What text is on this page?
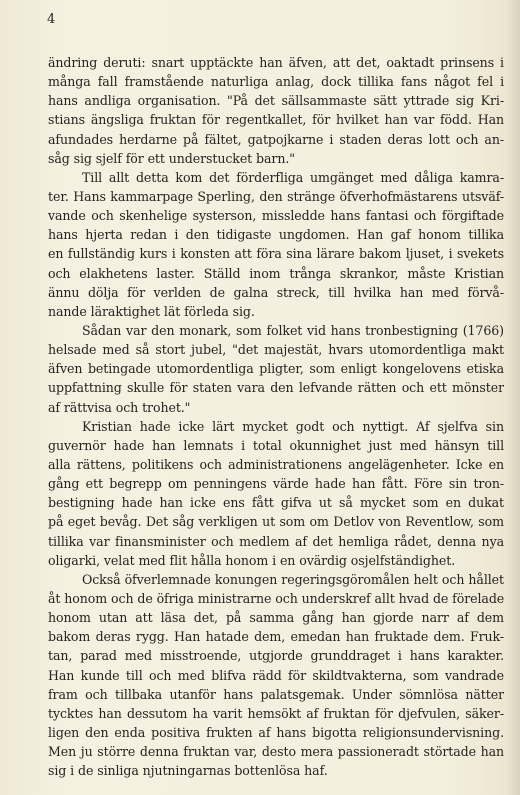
4
ändring deruti: snart upptäckte han äfven, att det, oaktadt prinsens i
många fall framstående naturliga anlag, dock tillika fans något fel i
hans andliga organisation. "På det sällsammaste sätt yttrade sig Kri-
stians ängsliga fruktan för regentkallet, för hvilket han var född. Han
afundades herdarne på fältet, gatpojkarne i staden deras lott och an-
såg sig sjelf för ett understucket barn."
Till allt detta kom det förderfliga umgänget med dåliga kamra-
ter. Hans kammarpage Sperling, den stränge öfverhofmästarens utsväf-
vande och skenhelige systerson, missledde hans fantasi och förgiftade
hans hjerta redan i den tidigaste ungdomen. Han gaf honom tillika
en fullständig kurs i konsten att föra sina lärare bakom ljuset, i svekets
och elakhetens laster. Ställd inom trånga skrankor, måste Kristian
ännu dölja för verlden de galna streck, till hvilka han med förvå-
nande läraktighet lät förleda sig.
Sådan var den monark, som folket vid hans tronbestigning (1766)
helsade med så stort jubel, "det majestät, hvars utomordentliga makt
äfven betingade utomordentliga pligter, som enligt kongelovens etiska
uppfattning skulle för staten vara den lefvande rätten och ett mönster
af rättvisa och trohet."
Kristian hade icke lärt mycket godt och nyttigt. Af sjelfva sin
guvernör hade han lemnats i total okunnighet just med hänsyn till
alla rättens, politikens och administrationens angelägenheter. Icke en
gång ett begrepp om penningens värde hade han fått. Före sin tron-
bestigning hade han icke ens fått gifva ut så mycket som en dukat
på eget bevåg. Det såg verkligen ut som om Detlov von Reventlow, som
tillika var finansminister och medlem af det hemliga rådet, denna nya
oligarki, velat med flit hålla honom i en ovärdig osjelfständighet.
Också öfverlemnade konungen regeringsgöromålen helt och hållet
åt honom och de öfriga ministrarne och underskref allt hvad de förelade
honom utan att läsa det, på samma gång han gjorde narr af dem
bakom deras rygg. Han hatade dem, emedan han fruktade dem. Fruk-
tan, parad med misstroende, utgjorde grunddraget i hans karakter.
Han kunde till och med blifva rädd för skildtvakterna, som vandrade
fram och tillbaka utanför hans palatsgemak. Under sömnlösa nätter
tycktes han dessutom ha varit hemsökt af fruktan för djefvulen, säker-
ligen den enda positiva frukten af hans bigotta religionsundervisning.
Men ju större denna fruktan var, desto mera passioneradt störtade han
sig i de sinliga njutningarnas bottenlösa haf.
